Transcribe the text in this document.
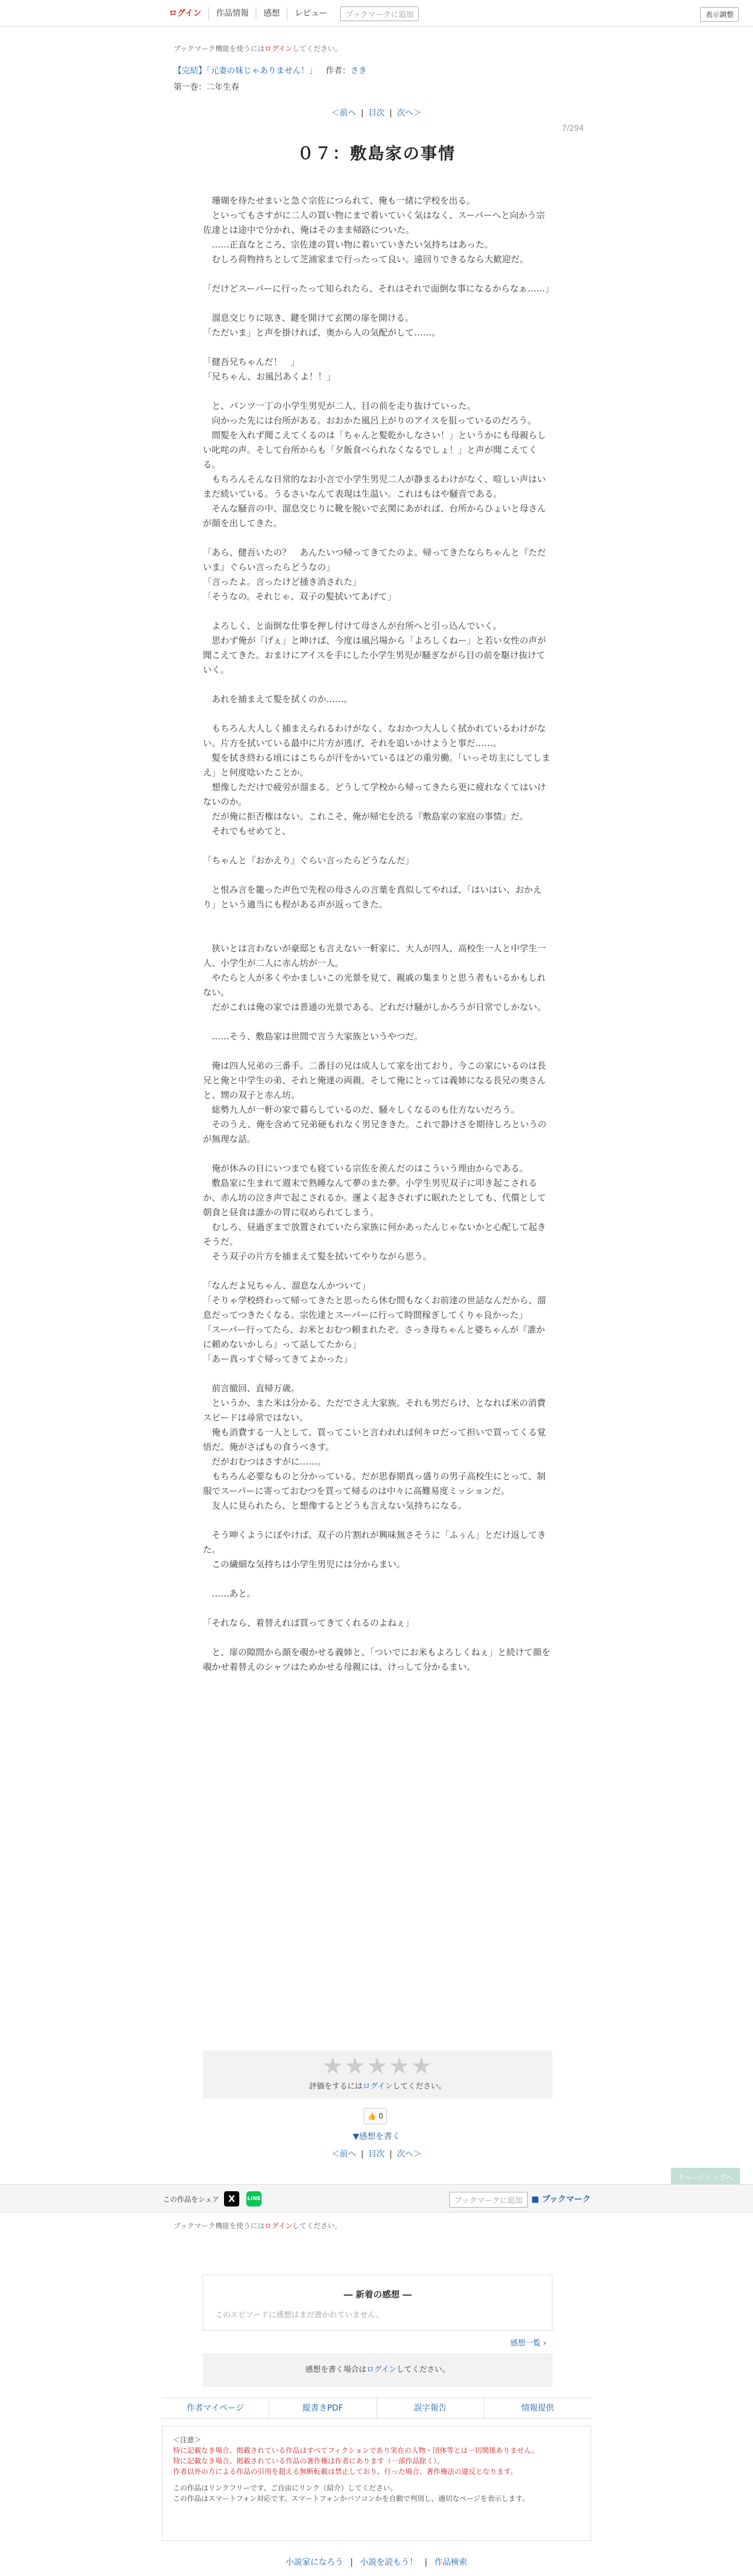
ログイン	作品情報	感想	レビュー	ブックマークに追加	表示調整
ブックマーク機能を使うにはログインしてください。
【完結】「元妻の妹じゃありません！」 作者：さき
第一巻：二年生春
＜前へ | 目次 | 次へ＞
7/294
０７：敷島家の事情

　珊瑚を待たせまいと急ぐ宗佐につられて、俺も一緒に学校を出る。

　といってもさすがに二人の買い物にまで着いていく気はなく、スーパーへと向かう宗佐達とは途中で分かれ、俺はそのまま帰路についた。

　……正直なところ、宗佐達の買い物に着いていきたい気持ちはあった。

　むしろ荷物持ちとして芝浦家まで行ったって良い。遠回りできるなら大歓迎だ。

「だけどスーパーに行ったって知られたら、それはそれで面倒な事になるからなぁ……」

　溜息交じりに呟き、鍵を開けて玄関の扉を開ける。

「ただいま」と声を掛ければ、奥から人の気配がして……。

「健吾兄ちゃんだ！　」

「兄ちゃん、お風呂あくよ！！」

　と、パンツ一丁の小学生男児が二人、目の前を走り抜けていった。

　向かった先には台所がある。おおかた風呂上がりのアイスを狙っているのだろう。

　間髪を入れず聞こえてくるのは「ちゃんと髪乾かしなさい！」というかにも母親らしい叱咤の声。そして台所からも「夕飯食べられなくなるでしょ！」と声が聞こえてくる。

　もちろんそんな日常的なお小言で小学生男児二人が静まるわけがなく、喧しい声はいまだ続いている。うるさいなんて表現は生温い。これはもはや騒音である。

　そんな騒音の中、溜息交じりに靴を脱いで玄関にあがれば、台所からひょいと母さんが顔を出してきた。

「あら、健吾いたの？　あんたいつ帰ってきてたのよ。帰ってきたならちゃんと『ただいま』ぐらい言ったらどうなの」

「言ったよ。言ったけど掻き消された」

「そうなの。それじゃ、双子の髪拭いてあげて」

　よろしく、と面倒な仕事を押し付けて母さんが台所へと引っ込んでいく。

　思わず俺が「げぇ」と呻けば、今度は風呂場から「よろしくねー」と若い女性の声が聞こえてきた。おまけにアイスを手にした小学生男児が騒ぎながら目の前を駆け抜けていく。

　あれを捕まえて髪を拭くのか……。

　もちろん大人しく捕まえられるわけがなく、なおかつ大人しく拭かれているわけがない。片方を拭いている最中に片方が逃げ、それを追いかけようと事だ……。

　髪を拭き終わる頃にはこちらが汗をかいているほどの重労働。「いっそ坊主にしてしまえ」と何度唸いたことか。

　想像しただけで疲労が溜まる。どうして学校から帰ってきたら更に疲れなくてはいけないのか。

　だが俺に拒否権はない。これこそ、俺が帰宅を渋る『敷島家の家庭の事情』だ。

　それでもせめてと、

「ちゃんと『おかえり』ぐらい言ったらどうなんだ」

　と恨み言を籠った声色で先程の母さんの言葉を真似してやれば、「はいはい、おかえり」という適当にも程がある声が返ってきた。

　狭いとは言わないが豪邸とも言えない一軒家に、大人が四人、高校生一人と中学生一人、小学生が二人に赤ん坊が一人。

　やたらと人が多くやかましいこの光景を見て、親戚の集まりと思う者もいるかもしれない。

　だがこれは俺の家では普通の光景である。どれだけ騒がしかろうが日常でしかない。

　……そう、敷島家は世間で言う大家族というやつだ。

　俺は四人兄弟の三番手。二番目の兄は成人して家を出ており、今この家にいるのは長兄と俺と中学生の弟、それと俺達の両親。そして俺にとっては義姉になる長兄の奥さんと、甥の双子と赤ん坊。

　総勢九人が一軒の家で暮らしているのだ、騒々しくなるのも仕方ないだろう。

　そのうえ、俺を含めて兄弟硬もれなく男兄ききた。これで静けさを期待しろというのが無理な話。

　俺が休みの日にいつまでも寝ている宗佐を羨んだのはこういう理由からである。

　敷島家に生まれて週末で熟睡なんて夢のまた夢。小学生男児双子に叩き起こされるか、赤ん坊の泣き声で起こされるか。運よく起きされずに眠れたとしても、代償として朝食と昼食は誰かの胃に収められてしまう。

　むしろ、昼過ぎまで放置されていたら家族に何かあったんじゃないかと心配して起きそうだ。

　そう双子の片方を捕まえて髪を拭いてやりながら思う。

「なんだよ兄ちゃん、溜息なんかついて」

「そりゃ学校終わって帰ってきたと思ったら休む間もなくお前達の世話なんだから、溜息だってつきたくなる。宗佐達とスーパーに行って時間稼ぎしてくりゃ良かった」

「スーパー行ってたら、お米とおむつ頼まれたぞ。さっき母ちゃんと婆ちゃんが『誰かに頼めないかしら』って話してたから」

「あー真っすぐ帰ってきてよかった」

　前言撤回、直帰万歳。

　というか、また米は分かる。ただでさえ大家族。それも男だらけ、となれば米の消費スピードは尋常ではない。

　俺も消費する一人として、買ってこいと言われれば何キロだって担いで買ってくる覚悟だ。俺がさばもの食うべきす。

　だがおむつはさすがに……。

　もちろん必要なものと分かっている。だが思春期真っ盛りの男子高校生にとって、制服でスーパーに寄っておむつを買って帰るのは中々に高難易度ミッションだ。

　友人に見られたら、と想像するとどうも言えない気持ちになる。

　そう呻くようにぼやけば、双子の片割れが興味無さそうに「ふぅん」とだけ返してきた。

　この繊細な気持ちは小学生男児には分からまい。

　……あと。

「それなら、着替えれば買ってきてくれるのよねぇ」

　と、扉の隙間から顔を覗かせる義姉と、「ついでにお米もよろしくねぇ」と続けて顔を覗かせ着替えのシャツはためかせる母親には、けっして分かるまい。

★★★★★
評価をするにはログインしてください。
👍 0
▼感想を書く
＜前へ | 目次 | 次へ＞
↑ページトップへ
この作品をシェア	X	LINE	ブックマークに追加	■ ブックマーク
ブックマーク機能を使うにはログインしてください。
― 新着の感想 ―
このエピソードに感想はまだ書かれていません。
感想一覧 ›
感想を書く場合はログインしてください。
作者マイページ	縦書きPDF	誤字報告	情報提供
＜注意＞
特に記載なき場合、掲載されている作品はすべてフィクションであり実在の人物・団体等とは一切関係ありません。
特に記載なき場合、掲載されている作品の著作権は作者にあります（一部作品除く）。
作者以外の方による作品の引用を超える無断転載は禁止しており、行った場合、著作権法の違反となります。
この作品はリンクフリーです。ご自由にリンク（紹介）してください。
この作品はスマートフォン対応です。スマートフォンかパソコンかを自動で判別し、適切なページを表示します。
小説家になろう | 小説を読もう！ | 作品検索
